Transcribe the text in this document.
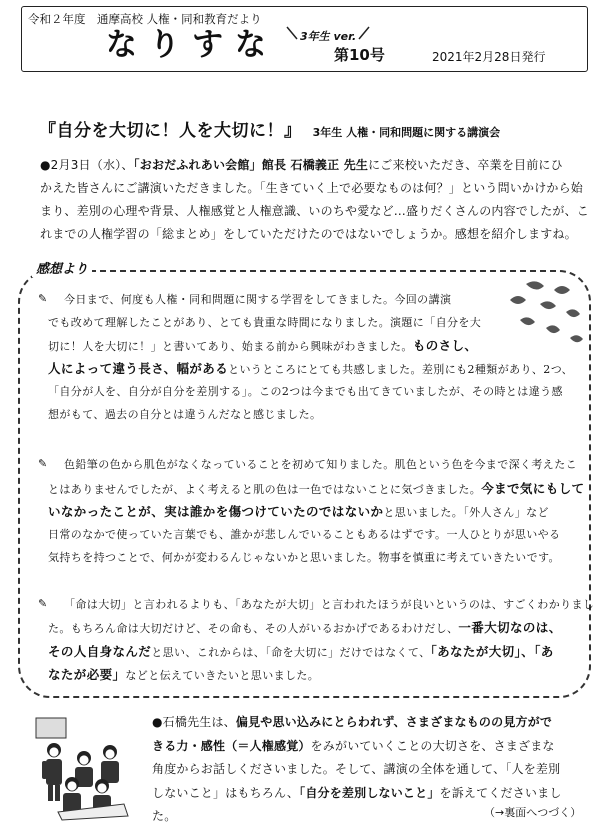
令和２年度　通摩高校 人権・同和教育だより
なりすな 3年生 ver.
第10号	2021年2月28日発行
『自分を大切に！人を大切に！』 3年生 人権・同和問題に関する講演会
●2月3日（水）、「おおだふれあい会館」館長 石橋義正 先生にご来校いただき、卒業を目前にひ
かえた皆さんにご講演いただきました。「生きていく上で必要なものは何？」という問いかけから始
まり、差別の心理や背景、人権感覚と人権意識、いのちや愛など…盛りだくさんの内容でしたが、こ
れまでの人権学習の「総まとめ」をしていただけたのではないでしょうか。感想を紹介しますね。
感想より
✎ 今日まで、何度も人権・同和問題に関する学習をしてきました。今回の講演
でも改めて理解したことがあり、とても貴重な時間になりました。演題に「自分を大
切に！人を大切に！」と書いてあり、始まる前から興味がわきました。ものさし、
人によって違う長さ、幅があるというところにとても共感しました。差別にも2種類があり、2つ、
「自分が人を、自分が自分を差別する」。この2つは今までも出てきていましたが、その時とは違う感
想がもて、過去の自分とは違うんだなと感じました。
✎ 色鉛筆の色から肌色がなくなっていることを初めて知りました。肌色という色を今まで深く考えたこ
とはありませんでしたが、よく考えると肌の色は一色ではないことに気づきました。今まで気にもして
いなかったことが、実は誰かを傷つけていたのではないかと思いました。「外人さん」など
日常のなかで使っていた言葉でも、誰かが悲しんでいることもあるはずです。一人ひとりが思いやる
気持ちを持つことで、何かが変わるんじゃないかと思いました。物事を慎重に考えていきたいです。
✎ 「命は大切」と言われるよりも、「あなたが大切」と言われたほうが良いというのは、すごくわかりまし
た。もちろん命は大切だけど、その命も、その人がいるおかげであるわけだし、一番大切なのは、
その人自身なんだと思い、これからは、「命を大切に」だけではなくて、「あなたが大切」、「あ
なたが必要」などと伝えていきたいと思いました。
●石橋先生は、偏見や思い込みにとらわれず、さまざまなものの見方がで
きる力・感性（＝人権感覚）をみがいていくことの大切さを、さまざまな
角度からお話しくださいました。そして、講演の全体を通して、「人を差別
しないこと」はもちろん、「自分を差別しないこと」を訴えてくださいまし
た。	（→裏面へつづく）
